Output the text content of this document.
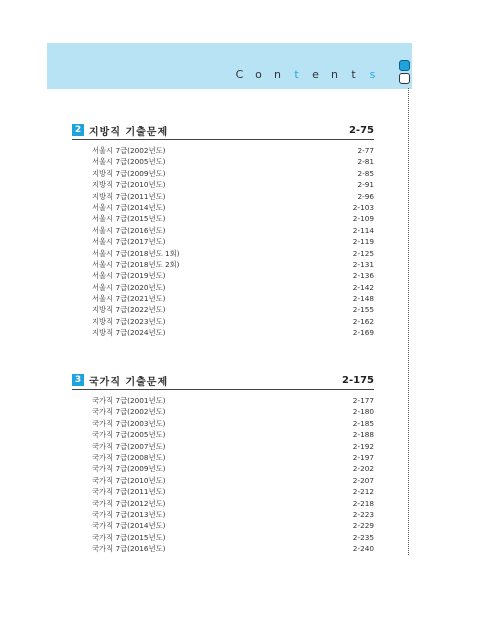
C	o	n	t	e	n	t	s
2 지방직 기출문제	2-75
서울시 7급(2002년도)	2-77
서울시 7급(2005년도)	2-81
지방직 7급(2009년도)	2-85
지방직 7급(2010년도)	2-91
지방직 7급(2011년도)	2-96
서울시 7급(2014년도)	2-103
서울시 7급(2015년도)	2-109
서울시 7급(2016년도)	2-114
서울시 7급(2017년도)	2-119
서울시 7급(2018년도 1회)	2-125
서울시 7급(2018년도 2회)	2-131
서울시 7급(2019년도)	2-136
서울시 7급(2020년도)	2-142
서울시 7급(2021년도)	2-148
지방직 7급(2022년도)	2-155
지방직 7급(2023년도)	2-162
지방직 7급(2024년도)	2-169
3 국가직 기출문제	2-175
국가직 7급(2001년도)	2-177
국가직 7급(2002년도)	2-180
국가직 7급(2003년도)	2-185
국가직 7급(2005년도)	2-188
국가직 7급(2007년도)	2-192
국가직 7급(2008년도)	2-197
국가직 7급(2009년도)	2-202
국가직 7급(2010년도)	2-207
국가직 7급(2011년도)	2-212
국가직 7급(2012년도)	2-218
국가직 7급(2013년도)	2-223
국가직 7급(2014년도)	2-229
국가직 7급(2015년도)	2-235
국가직 7급(2016년도)	2-240
